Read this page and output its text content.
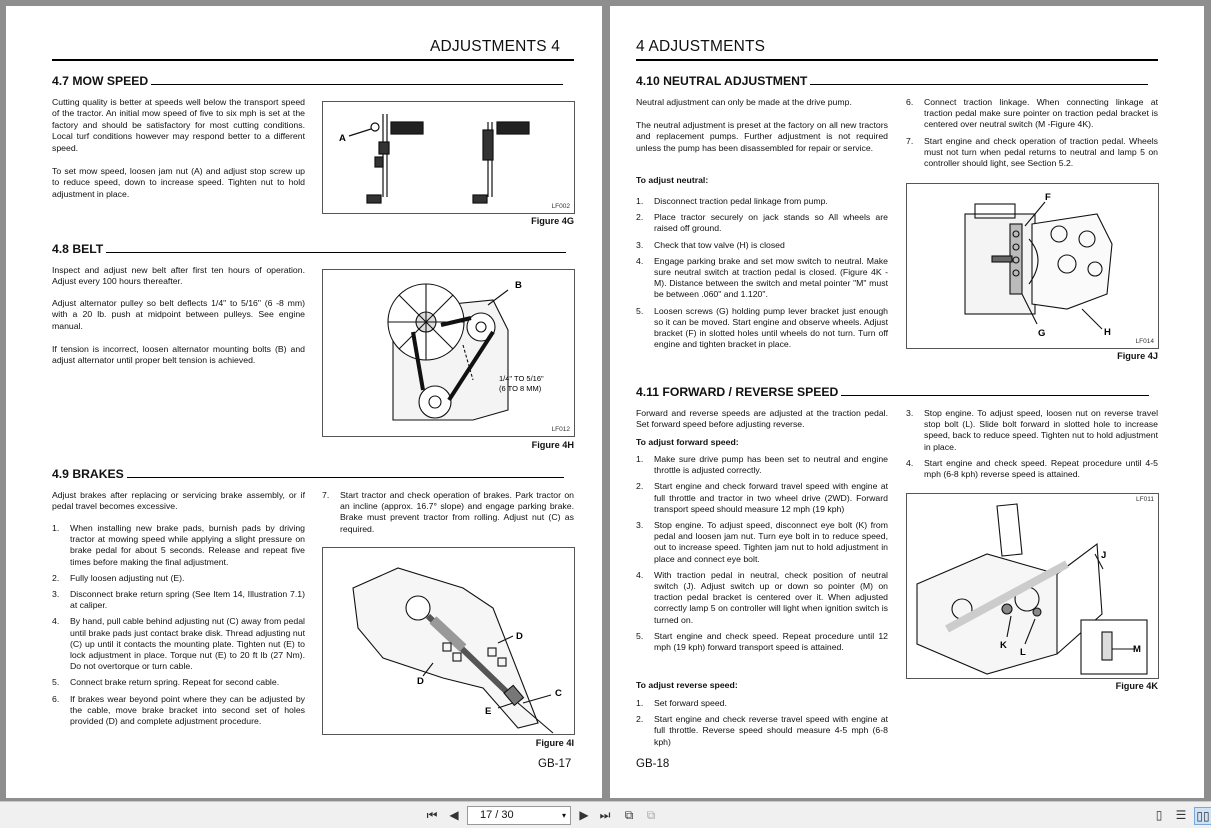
ADJUSTMENTS 4
4.7 MOW SPEED

Cutting quality is better at speeds well below the transport speed of the tractor. An initial mow speed of five to six mph is set at the factory and should be satisfactory for most cutting conditions. Local turf conditions however may respond better to a different speed.

To set mow speed, loosen jam nut (A) and adjust stop screw up to reduce speed, down to increase speed. Tighten nut to hold adjustment in place.

A
LF002
Figure 4G
4.8 BELT

Inspect and adjust new belt after first ten hours of operation. Adjust every 100 hours thereafter.

Adjust alternator pulley so belt deflects 1/4" to 5/16" (6 -8 mm) with a 20 lb. push at midpoint between pulleys. See engine manual.

If tension is incorrect, loosen alternator mounting bolts (B) and adjust alternator until proper belt tension is achieved.

B
1/4" TO 5/16"
(6 TO 8 MM)
LF012
Figure 4H
4.9 BRAKES

Adjust brakes after replacing or servicing brake assembly, or if pedal travel becomes excessive.

1. When installing new brake pads, burnish pads by driving tractor at mowing speed while applying a slight pressure on brake pedal for about 5 seconds. Release and repeat five times before making the final adjustment.
2. Fully loosen adjusting nut (E).
3. Disconnect brake return spring (See Item 14, Illustration 7.1) at caliper.
4. By hand, pull cable behind adjusting nut (C) away from pedal until brake pads just contact brake disk. Thread adjusting nut (C) up until it contacts the mounting plate. Tighten nut (E) to lock adjustment in place. Torque nut (E) to 20 ft lb (27 Nm). Do not overtorque or turn cable.
5. Connect brake return spring. Repeat for second cable.
6. If brakes wear beyond point where they can be adjusted by the cable, move brake bracket into second set of holes provided (D) and complete adjustment procedure.
7. Start tractor and check operation of brakes. Park tractor on an incline (approx. 16.7° slope) and engage parking brake. Brake must prevent tractor from rolling. Adjust nut (C) as required.
D
D
C
E
Figure 4I
GB-17
4 ADJUSTMENTS
4.10 NEUTRAL ADJUSTMENT

Neutral adjustment can only be made at the drive pump.

The neutral adjustment is preset at the factory on all new tractors and replacement pumps. Further adjustment is not required unless the pump has been disassembled for repair or service.

To adjust neutral:
1. Disconnect traction pedal linkage from pump.
2. Place tractor securely on jack stands so All wheels are raised off ground.
3. Check that tow valve (H) is closed
4. Engage parking brake and set mow switch to neutral. Make sure neutral switch at traction pedal is closed. (Figure 4K - M). Distance between the switch and metal pointer "M" must be between .060" and 1.120".
5. Loosen screws (G) holding pump lever bracket just enough so it can be moved. Start engine and observe wheels. Adjust bracket (F) in slotted holes until wheels do not turn. Turn off engine and tighten bracket in place.
6. Connect traction linkage. When connecting linkage at traction pedal make sure pointer on traction pedal bracket is centered over neutral switch (M -Figure 4K).
7. Start engine and check operation of traction pedal. Wheels must not turn when pedal returns to neutral and lamp 5 on controller should light, see Section 5.2.
F
G	H
LF014
Figure 4J
4.11 FORWARD / REVERSE SPEED

Forward and reverse speeds are adjusted at the traction pedal. Set forward speed before adjusting reverse.

To adjust forward speed:
1. Make sure drive pump has been set to neutral and engine throttle is adjusted correctly.
2. Start engine and check forward travel speed with engine at full throttle and tractor in two wheel drive (2WD). Forward transport speed should measure 12 mph (19 kph)
3. Stop engine. To adjust speed, disconnect eye bolt (K) from pedal and loosen jam nut. Turn eye bolt in to reduce speed, out to increase speed. Tighten jam nut to hold adjustment in place and connect eye bolt.
4. With traction pedal in neutral, check position of neutral switch (J). Adjust switch up or down so pointer (M) on traction pedal bracket is centered over it. When adjusted correctly lamp 5 on controller will light when ignition switch is turned on.
5. Start engine and check speed. Repeat procedure until 12 mph (19 kph) forward transport speed is attained.
To adjust reverse speed:
1. Set forward speed.
2. Start engine and check reverse travel speed with engine at full throttle. Reverse speed should measure 4-5 mph (6-8 kph)
3. Stop engine. To adjust speed, loosen nut on reverse travel stop bolt (L). Slide bolt forward in slotted hole to increase speed, back to reduce speed. Tighten nut to hold adjustment in place.
4. Start engine and check speed. Repeat procedure until 4-5 mph (6-8 kph) reverse speed is attained.
J
K
L	M
LF011
Figure 4K
GB-18
⏮ ◀	17 / 30	▾ ▶ ⏭	⧉	⧉	▯	☰ ▯▯
